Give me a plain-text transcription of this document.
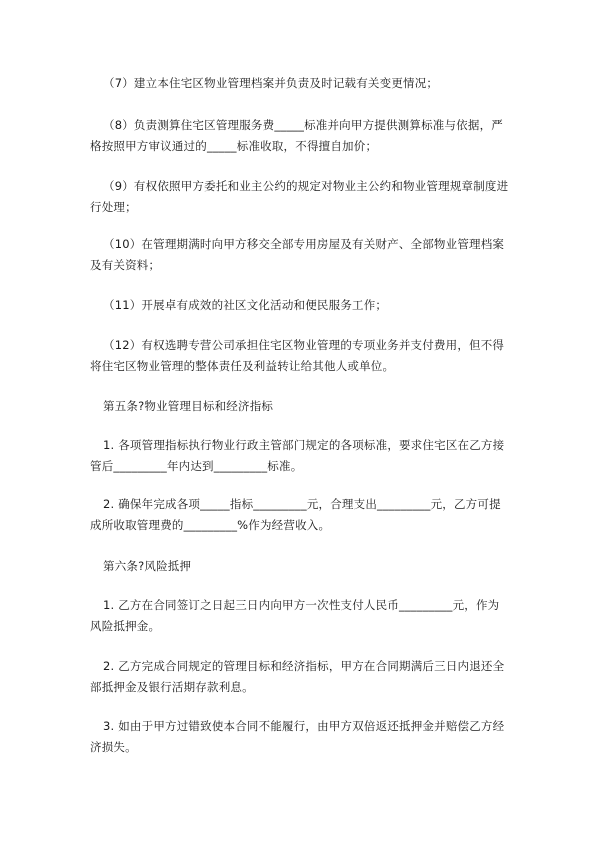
（7）建立本住宅区物业管理档案并负责及时记载有关变更情况；

（8）负责测算住宅区管理服务费_____标准并向甲方提供测算标准与依据，严格按照甲方审议通过的_____标准收取，不得擅自加价；

（9）有权依照甲方委托和业主公约的规定对物业主公约和物业管理规章制度进行处理；

（10）在管理期满时向甲方移交全部专用房屋及有关财产、全部物业管理档案及有关资料；

（11）开展卓有成效的社区文化活动和便民服务工作；

（12）有权选聘专营公司承担住宅区物业管理的专项业务并支付费用，但不得将住宅区物业管理的整体责任及利益转让给其他人或单位。

第五条?物业管理目标和经济指标

1. 各项管理指标执行物业行政主管部门规定的各项标准，要求住宅区在乙方接管后_________年内达到_________标准。

2. 确保年完成各项_____指标_________元，合理支出_________元，乙方可提成所收取管理费的_________%作为经营收入。

第六条?风险抵押

1. 乙方在合同签订之日起三日内向甲方一次性支付人民币_________元，作为风险抵押金。

2. 乙方完成合同规定的管理目标和经济指标，甲方在合同期满后三日内退还全部抵押金及银行活期存款利息。

3. 如由于甲方过错致使本合同不能履行，由甲方双倍返还抵押金并赔偿乙方经济损失。
